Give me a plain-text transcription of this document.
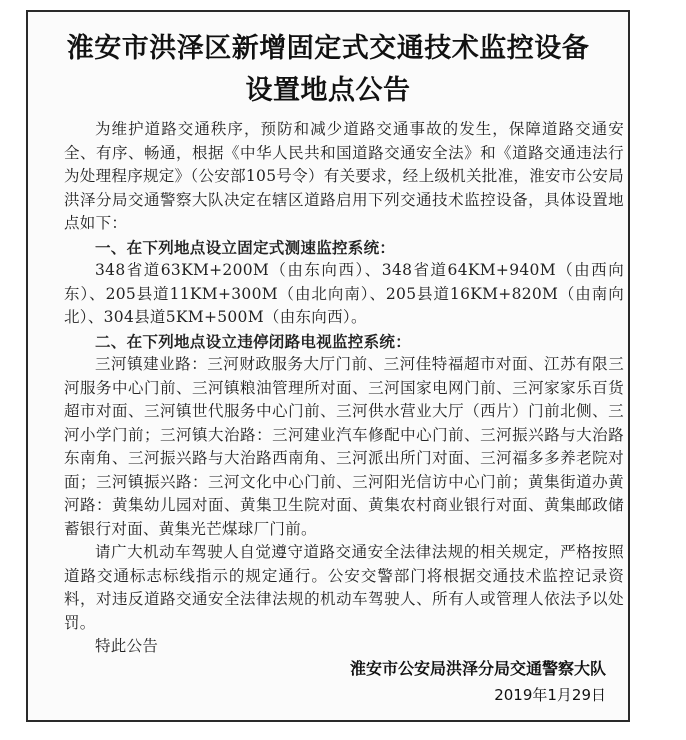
淮安市洪泽区新增固定式交通技术监控设备
设置地点公告

为维护道路交通秩序，预防和减少道路交通事故的发生，保障道路交通安全、有序、畅通，根据《中华人民共和国道路交通安全法》和《道路交通违法行为处理程序规定》（公安部105号令）有关要求，经上级机关批准，淮安市公安局洪泽分局交通警察大队决定在辖区道路启用下列交通技术监控设备，具体设置地点如下：

一、在下列地点设立固定式测速监控系统：

348省道63KM+200M（由东向西）、348省道64KM+940M（由西向东）、205县道11KM+300M（由北向南）、205县道16KM+820M（由南向北）、304县道5KM+500M（由东向西）。

二、在下列地点设立违停闭路电视监控系统：

三河镇建业路：三河财政服务大厅门前、三河佳特福超市对面、江苏有限三河服务中心门前、三河镇粮油管理所对面、三河国家电网门前、三河家家乐百货超市对面、三河镇世代服务中心门前、三河供水营业大厅（西片）门前北侧、三河小学门前；三河镇大治路：三河建业汽车修配中心门前、三河振兴路与大治路东南角、三河振兴路与大治路西南角、三河派出所门对面、三河福多多养老院对面；三河镇振兴路：三河文化中心门前、三河阳光信访中心门前；黄集街道办黄河路：黄集幼儿园对面、黄集卫生院对面、黄集农村商业银行对面、黄集邮政储蓄银行对面、黄集光芒煤球厂门前。

请广大机动车驾驶人自觉遵守道路交通安全法律法规的相关规定，严格按照道路交通标志标线指示的规定通行。公安交警部门将根据交通技术监控记录资料，对违反道路交通安全法律法规的机动车驾驶人、所有人或管理人依法予以处罚。

特此公告

淮安市公安局洪泽分局交通警察大队
2019年1月29日
